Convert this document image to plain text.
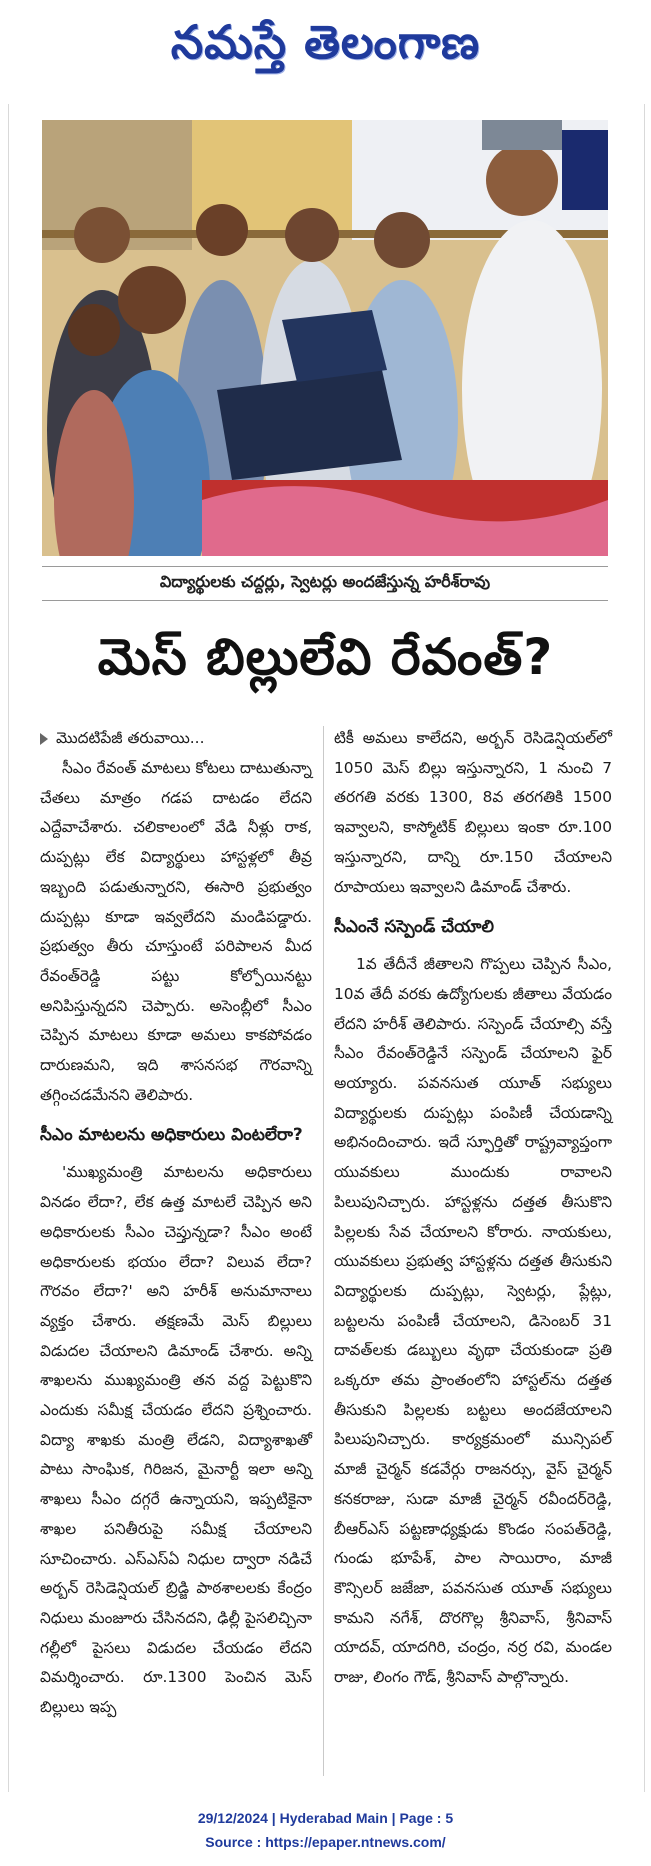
నమస్తే తెలంగాణ
విద్యార్థులకు చద్దర్లు, స్వెటర్లు అందజేస్తున్న హరీశ్‌రావు
మెస్ బిల్లులేవి రేవంత్?
మొదటిపేజీ తరువాయి...

సీఎం రేవంత్ మాటలు కోటలు దాటుతున్నా చేతలు మాత్రం గడప దాటడం లేదని ఎద్దేవాచేశారు. చలికాలంలో వేడి నీళ్లు రాక, దుప్పట్లు లేక విద్యార్థులు హాస్టళ్లలో తీవ్ర ఇబ్బంది పడుతున్నారని, ఈసారి ప్రభుత్వం దుప్పట్లు కూడా ఇవ్వలేదని మండిపడ్డారు. ప్రభుత్వం తీరు చూస్తుంటే పరిపాలన మీద రేవంత్‌రెడ్డి పట్టు కోల్పోయినట్టు అనిపిస్తున్నదని చెప్పారు. అసెంబ్లీలో సీఎం చెప్పిన మాటలు కూడా అమలు కాకపోవడం దారుణమని, ఇది శాసనసభ గౌరవాన్ని తగ్గించడమేనని తెలిపారు.

సీఎం మాటలను అధికారులు వింటలేరా?

'ముఖ్యమంత్రి మాటలను అధికారులు వినడం లేదా?, లేక ఉత్త మాటలే చెప్పిన అని అధికారులకు సీఎం చెప్తున్నడా? సీఎం అంటే అధికారులకు భయం లేదా? విలువ లేదా? గౌరవం లేదా?' అని హరీశ్ అనుమానాలు వ్యక్తం చేశారు. తక్షణమే మెస్ బిల్లులు విడుదల చేయాలని డిమాండ్ చేశారు. అన్ని శాఖలను ముఖ్యమంత్రి తన వద్ద పెట్టుకొని ఎందుకు సమీక్ష చేయడం లేదని ప్రశ్నించారు. విద్యా శాఖకు మంత్రి లేడని, విద్యాశాఖతో పాటు సాంఘిక, గిరిజన, మైనార్టీ ఇలా అన్ని శాఖలు సీఎం దగ్గరే ఉన్నాయని, ఇప్పటికైనా శాఖల పనితీరుపై సమీక్ష చేయాలని సూచించారు. ఎస్‌ఎస్‌ఏ నిధుల ద్వారా నడిచే అర్బన్ రెసిడెన్షియల్ బ్రిడ్జి పాఠశాలలకు కేంద్రం నిధులు మంజూరు చేసినదని, ఢిల్లీ పైసలిచ్చినా గల్లీలో పైసలు విడుదల చేయడం లేదని విమర్శించారు. రూ.1300 పెంచిన మెస్ బిల్లులు ఇప్ప

టికీ అమలు కాలేదని, అర్బన్ రెసిడెన్షియల్‌లో 1050 మెస్ బిల్లు ఇస్తున్నారని, 1 నుంచి 7 తరగతి వరకు 1300, 8వ తరగతికి 1500 ఇవ్వాలని, కాస్మోటిక్ బిల్లులు ఇంకా రూ.100 ఇస్తున్నారని, దాన్ని రూ.150 చేయాలని రూపాయలు ఇవ్వాలని డిమాండ్ చేశారు.

సీఎంనే సస్పెండ్ చేయాలి

1వ తేదీనే జీతాలని గొప్పలు చెప్పిన సీఎం, 10వ తేదీ వరకు ఉద్యోగులకు జీతాలు వేయడం లేదని హరీశ్ తెలిపారు. సస్పెండ్ చేయాల్సి వస్తే సీఎం రేవంత్‌రెడ్డినే సస్పెండ్ చేయాలని ఫైర్ అయ్యారు. పవనసుత యూత్ సభ్యులు విద్యార్థులకు దుప్పట్లు పంపిణీ చేయడాన్ని అభినందించారు. ఇదే స్ఫూర్తితో రాష్ట్రవ్యాప్తంగా యువకులు ముందుకు రావాలని పిలుపునిచ్చారు. హాస్టళ్లను దత్తత తీసుకొని పిల్లలకు సేవ చేయాలని కోరారు. నాయకులు, యువకులు ప్రభుత్వ హాస్టళ్లను దత్తత తీసుకుని విద్యార్థులకు దుప్పట్లు, స్వెటర్లు, ప్లేట్లు, బట్టలను పంపిణీ చేయాలని, డిసెంబర్ 31 దావత్‌లకు డబ్బులు వృథా చేయకుండా ప్రతి ఒక్కరూ తమ ప్రాంతంలోని హాస్టల్‌ను దత్తత తీసుకుని పిల్లలకు బట్టలు అందజేయాలని పిలుపునిచ్చారు. కార్యక్రమంలో మున్సిపల్ మాజీ చైర్మన్ కడవేర్గు రాజనర్సు, వైస్ చైర్మన్ కనకరాజు, సుడా మాజీ చైర్మన్ రవీందర్‌రెడ్డి, బీఆర్‌ఎస్ పట్టణాధ్యక్షుడు కొండం సంపత్‌రెడ్డి, గుండు భూపేశ్, పాల సాయిరాం, మాజీ కౌన్సిలర్ జజేజా, పవనసుత యూత్ సభ్యులు కామని నగేశ్, దొరగొల్ల శ్రీనివాస్, శ్రీనివాస్ యాదవ్, యాదగిరి, చంద్రం, నర్ర రవి, మండల రాజు, లింగం గౌడ్, శ్రీనివాస్ పాల్గొన్నారు.

29/12/2024 | Hyderabad Main | Page : 5
Source : https://epaper.ntnews.com/
